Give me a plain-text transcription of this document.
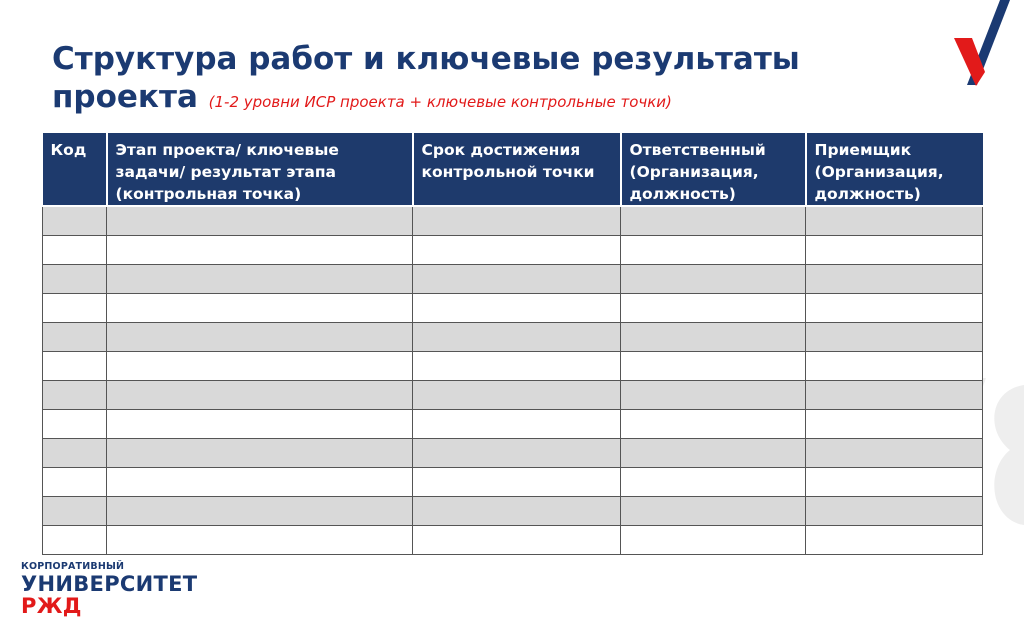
Структура работ и ключевые результаты проекта (1-2 уровни ИСР проекта + ключевые контрольные точки)
Код	Этап проекта/ ключевые задачи/ результат этапа (контрольная точка)	Срок достижения контрольной точки	Ответственный (Организация, должность)	Приемщик (Организация, должность)

КОРПОРАТИВНЫЙ
УНИВЕРСИТЕТ
РЖД
